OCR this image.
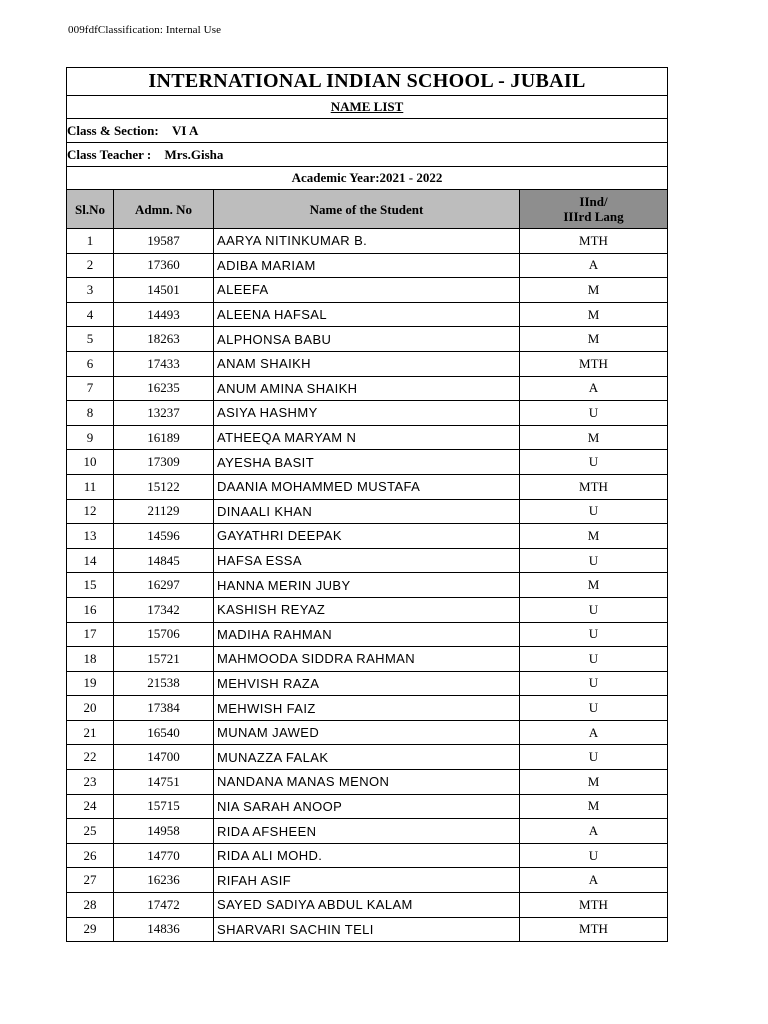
009fdfClassification: Internal Use
INTERNATIONAL INDIAN SCHOOL - JUBAIL			
NAME LIST			
Class & Section: VI A			
Class Teacher : Mrs.Gisha			
Academic Year:2021 - 2022			
Sl.No	Admn. No	Name of the Student	IInd/
IIIrd Lang
1	19587	AARYA NITINKUMAR B.	MTH
2	17360	ADIBA MARIAM	A
3	14501	ALEEFA	M
4	14493	ALEENA HAFSAL	M
5	18263	ALPHONSA BABU	M
6	17433	ANAM SHAIKH	MTH
7	16235	ANUM AMINA SHAIKH	A
8	13237	ASIYA HASHMY	U
9	16189	ATHEEQA MARYAM N	M
10	17309	AYESHA BASIT	U
11	15122	DAANIA MOHAMMED MUSTAFA	MTH
12	21129	DINAALI KHAN	U
13	14596	GAYATHRI DEEPAK	M
14	14845	HAFSA ESSA	U
15	16297	HANNA MERIN JUBY	M
16	17342	KASHISH REYAZ	U
17	15706	MADIHA RAHMAN	U
18	15721	MAHMOODA SIDDRA RAHMAN	U
19	21538	MEHVISH RAZA	U
20	17384	MEHWISH FAIZ	U
21	16540	MUNAM JAWED	A
22	14700	MUNAZZA FALAK	U
23	14751	NANDANA MANAS MENON	M
24	15715	NIA SARAH ANOOP	M
25	14958	RIDA AFSHEEN	A
26	14770	RIDA ALI MOHD.	U
27	16236	RIFAH ASIF	A
28	17472	SAYED SADIYA ABDUL KALAM	MTH
29	14836	SHARVARI SACHIN TELI	MTH
